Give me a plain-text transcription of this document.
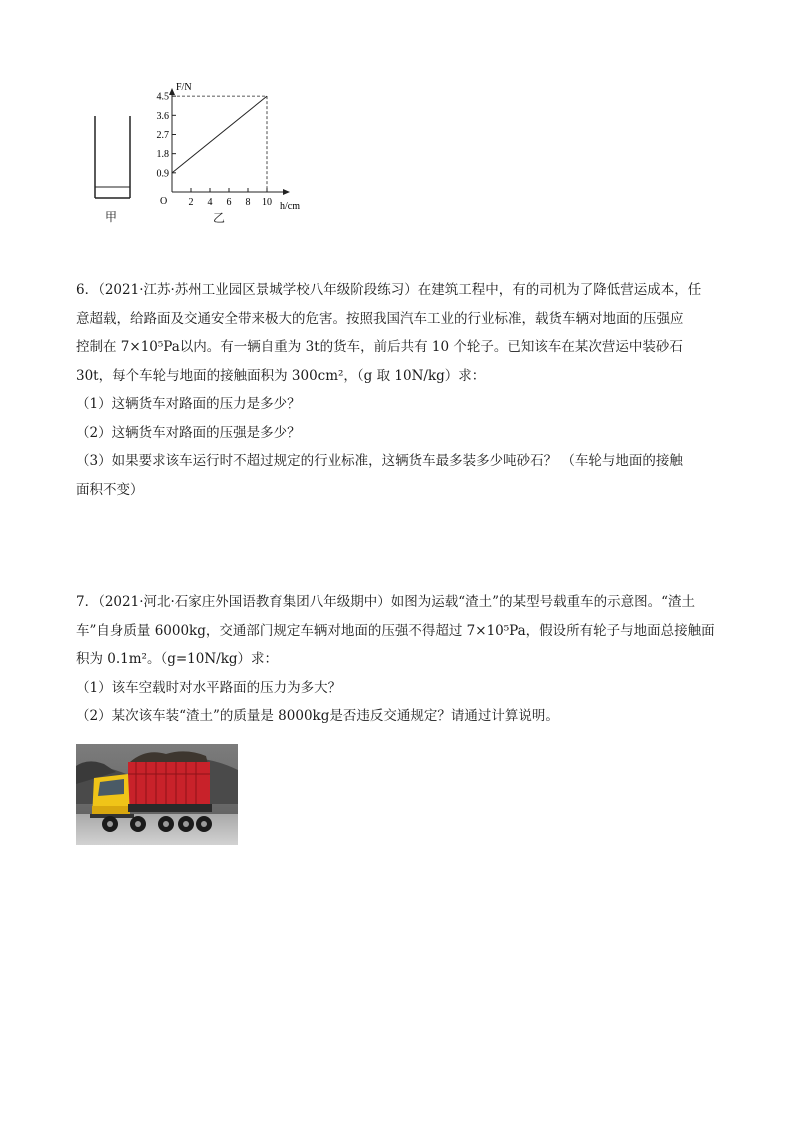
F/N
h/cm
O
0.9
1.8
2.7
3.6
4.5
2 4 6 8 10
甲	乙

6．（2021·江苏·苏州工业园区景城学校八年级阶段练习）在建筑工程中，有的司机为了降低营运成本，任

意超载，给路面及交通安全带来极大的危害。按照我国汽车工业的行业标准，载货车辆对地面的压强应

控制在 7×10⁵Pa以内。有一辆自重为 3t的货车，前后共有 10 个轮子。已知该车在某次营运中装砂石

30t，每个车轮与地面的接触面积为 300cm²，（g 取 10N/kg）求：

（1）这辆货车对路面的压力是多少？

（2）这辆货车对路面的压强是多少？

（3）如果要求该车运行时不超过规定的行业标准，这辆货车最多装多少吨砂石？ （车轮与地面的接触

面积不变）

7．（2021·河北·石家庄外国语教育集团八年级期中）如图为运载“渣土”的某型号载重车的示意图。“渣土

车”自身质量 6000kg，交通部门规定车辆对地面的压强不得超过 7×10⁵Pa，假设所有轮子与地面总接触面

积为 0.1m²。（g=10N/kg）求：

（1）该车空载时对水平路面的压力为多大？

（2）某次该车装“渣土”的质量是 8000kg是否违反交通规定？请通过计算说明。
